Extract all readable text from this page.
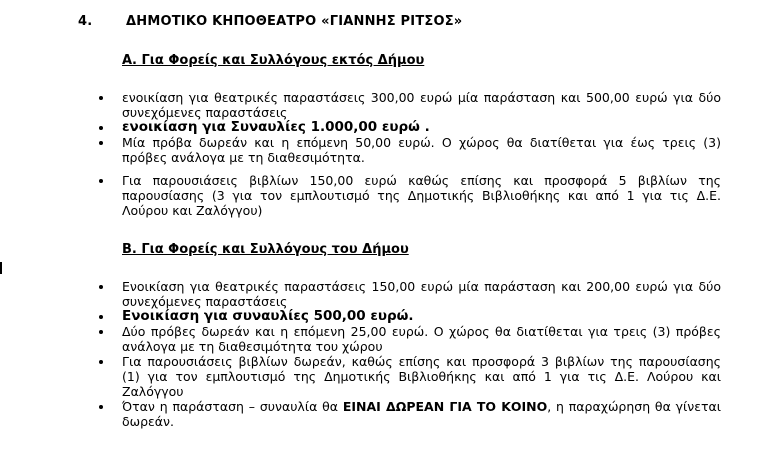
4.	ΔΗΜΟΤΙΚΟ ΚΗΠΟΘΕΑΤΡΟ «ΓΙΑΝΝΗΣ ΡΙΤΣΟΣ»
Α. Για Φορείς και Συλλόγους εκτός Δήμου
ενοικίαση για θεατρικές παραστάσεις 300,00 ευρώ μία παράσταση και 500,00 ευρώ για δύο συνεχόμενες παραστάσεις
ενοικίαση για Συναυλίες 1.000,00 ευρώ .
Μία πρόβα δωρεάν και η επόμενη 50,00 ευρώ. Ο χώρος θα διατίθεται για έως τρεις (3) πρόβες ανάλογα με τη διαθεσιμότητα.
Για παρουσιάσεις βιβλίων 150,00 ευρώ καθώς επίσης και προσφορά 5 βιβλίων της παρουσίασης (3 για τον εμπλουτισμό της Δημοτικής Βιβλιοθήκης και από 1 για τις Δ.Ε. Λούρου και Ζαλόγγου)
Β. Για Φορείς και Συλλόγους του Δήμου
Ενοικίαση για θεατρικές παραστάσεις 150,00 ευρώ μία παράσταση και 200,00 ευρώ για δύο συνεχόμενες παραστάσεις
Ενοικίαση για συναυλίες 500,00 ευρώ.
Δύο πρόβες δωρεάν και η επόμενη 25,00 ευρώ. Ο χώρος θα διατίθεται για τρεις (3) πρόβες ανάλογα με τη διαθεσιμότητα του χώρου
Για παρουσιάσεις βιβλίων δωρεάν, καθώς επίσης και προσφορά 3 βιβλίων της παρουσίασης (1) για τον εμπλουτισμό της Δημοτικής Βιβλιοθήκης και από 1 για τις Δ.Ε. Λούρου και Ζαλόγγου
Όταν η παράσταση – συναυλία θα ΕΙΝΑΙ ΔΩΡΕΑΝ ΓΙΑ ΤΟ ΚΟΙΝΟ, η παραχώρηση θα γίνεται δωρεάν.
